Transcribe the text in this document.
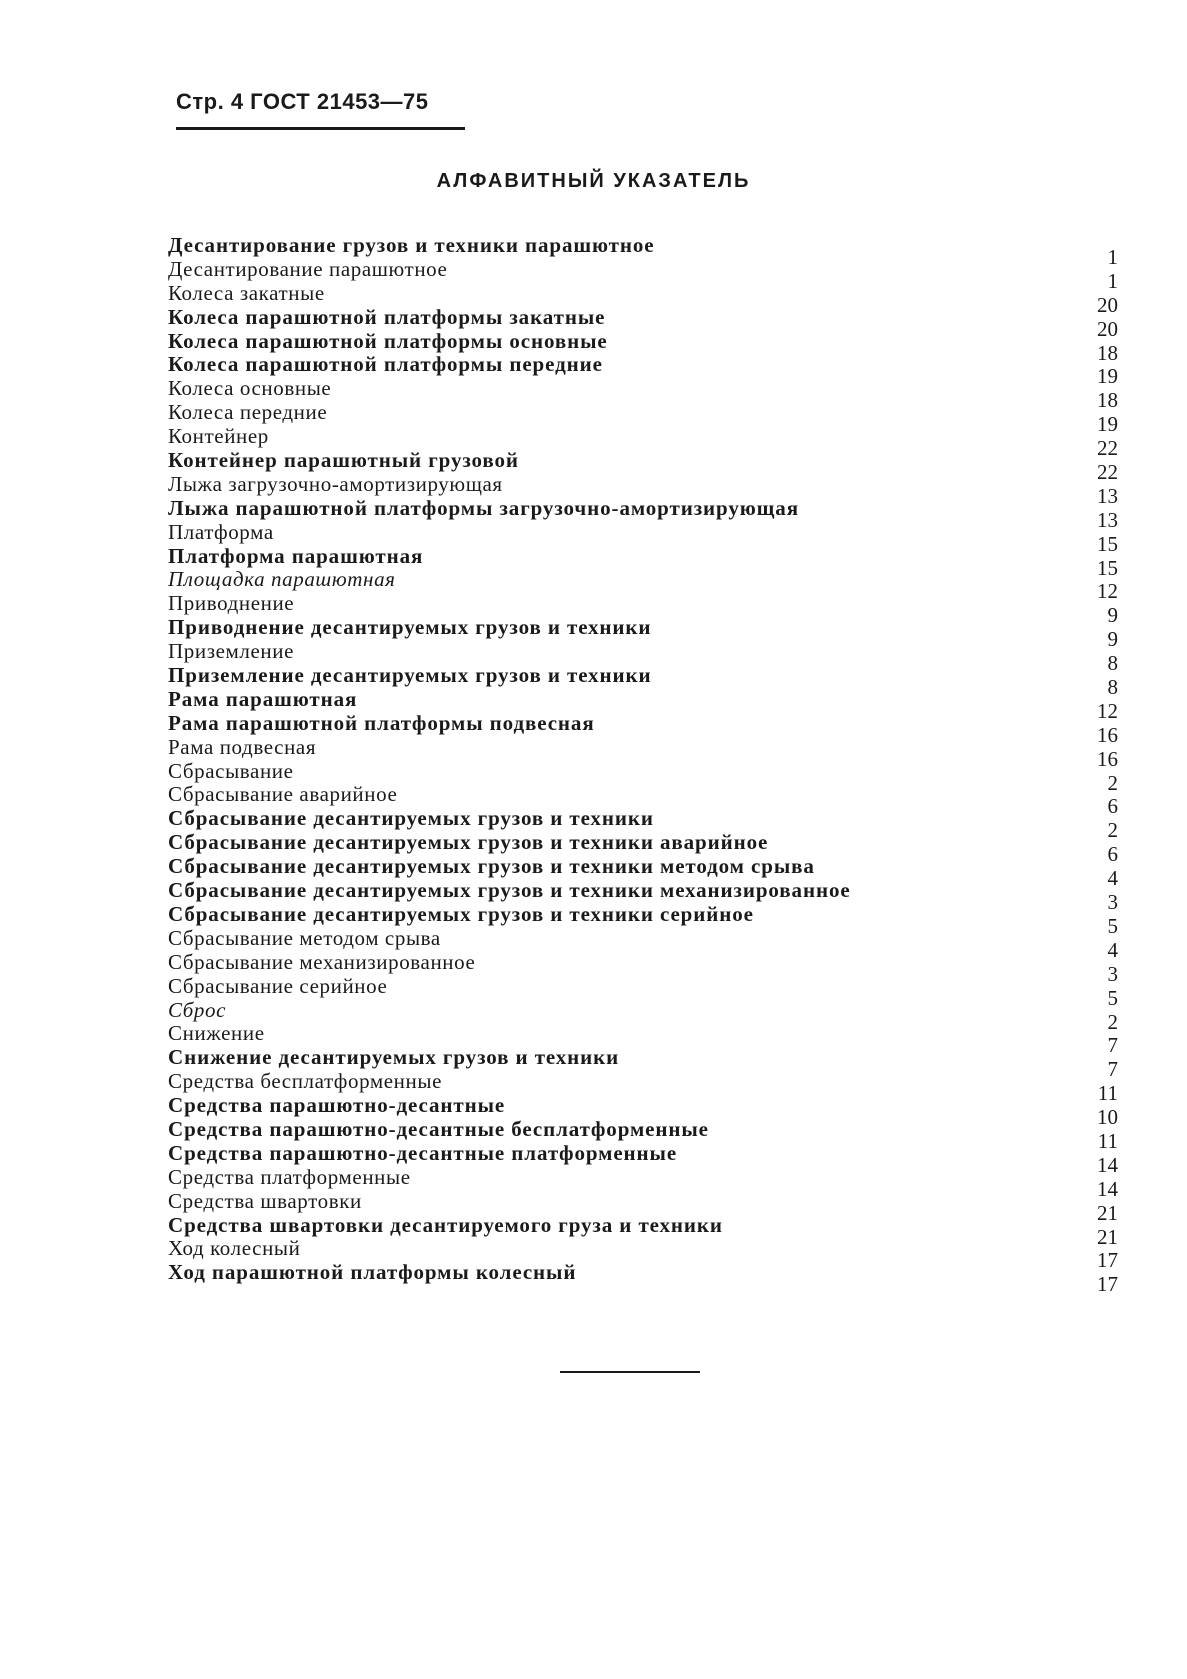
Стр. 4 ГОСТ 21453—75
АЛФАВИТНЫЙ УКАЗАТЕЛЬ
Десантирование грузов и техники парашютное
Десантирование парашютное
Колеса закатные
Колеса парашютной платформы закатные
Колеса парашютной платформы основные
Колеса парашютной платформы передние
Колеса основные
Колеса передние
Контейнер
Контейнер парашютный грузовой
Лыжа загрузочно-амортизирующая
Лыжа парашютной платформы загрузочно-амортизирующая
Платформа
Платформа парашютная
Площадка парашютная
Приводнение
Приводнение десантируемых грузов и техники
Приземление
Приземление десантируемых грузов и техники
Рама парашютная
Рама парашютной платформы подвесная
Рама подвесная
Сбрасывание
Сбрасывание аварийное
Сбрасывание десантируемых грузов и техники
Сбрасывание десантируемых грузов и техники аварийное
Сбрасывание десантируемых грузов и техники методом срыва
Сбрасывание десантируемых грузов и техники механизированное
Сбрасывание десантируемых грузов и техники серийное
Сбрасывание методом срыва
Сбрасывание механизированное
Сбрасывание серийное
Сброс
Снижение
Снижение десантируемых грузов и техники
Средства бесплатформенные
Средства парашютно-десантные
Средства парашютно-десантные бесплатформенные
Средства парашютно-десантные платформенные
Средства платформенные
Средства швартовки
Средства швартовки десантируемого груза и техники
Ход колесный
Ход парашютной платформы колесный
1
1
20
20
18
19
18
19
22
22
13
13
15
15
12
9
9
8
8
12
16
16
2
6
2
6
4
3
5
4
3
5
2
7
7
11
10
11
14
14
21
21
17
17
